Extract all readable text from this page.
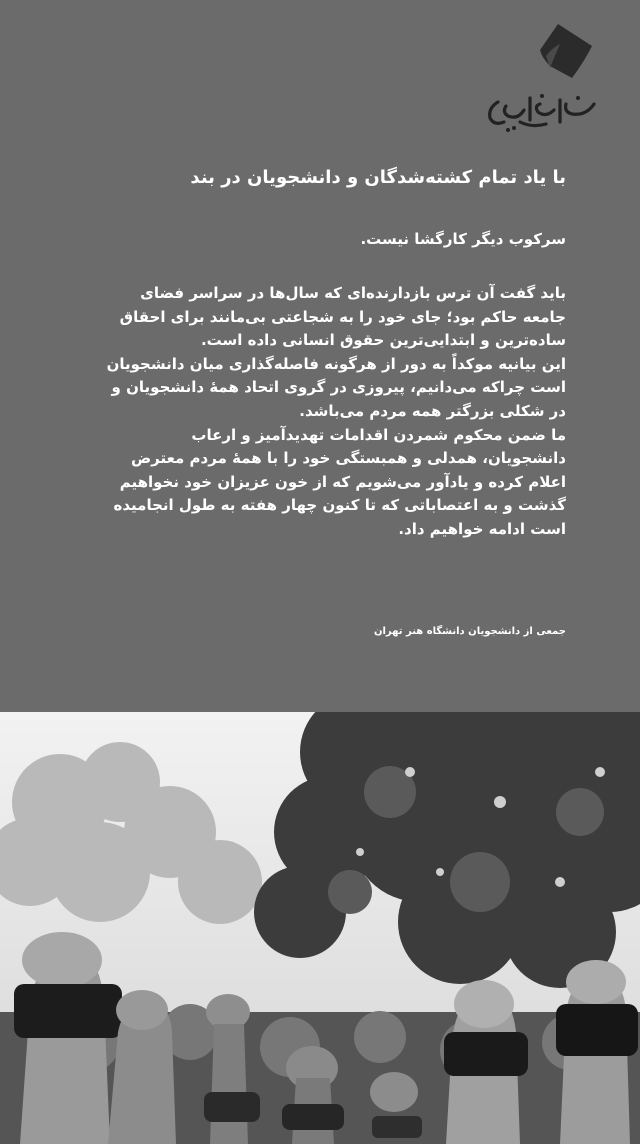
با یاد تمام کشته‌شدگان و دانشجویان در بند

سرکوب دیگر کارگشا نیست.

باید گفت آن ترس بازدارنده‌ای که سال‌ها در سراسر فضای جامعه حاکم بود؛ جای خود را به شجاعتی بی‌مانند برای احقاق ساده‌ترین و ابتدایی‌ترین حقوق انسانی داده است.

این بیانیه موکداً به دور از هرگونه فاصله‌گذاری میان دانشجویان است چراکه می‌دانیم، پیروزی در گروی اتحاد همهٔ دانشجویان و در شکلی بزرگتر همه مردم می‌باشد.

ما ضمن محکوم شمردن اقدامات تهدیدآمیز و ارعاب دانشجویان، همدلی و همبستگی خود را با همهٔ مردم معترض اعلام کرده و یادآور می‌شویم که از خون عزیزان خود نخواهیم گذشت و به اعتصاباتی که تا کنون چهار هفته به طول انجامیده است ادامه خواهیم داد.

جمعی از دانشجویان دانشگاه هنر تهران
